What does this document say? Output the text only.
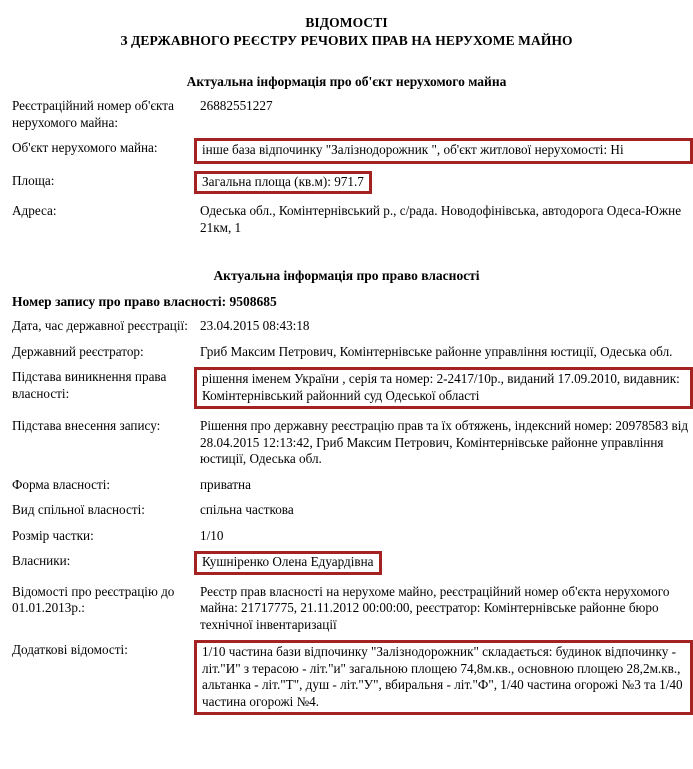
ВІДОМОСТІ
З ДЕРЖАВНОГО РЕЄСТРУ РЕЧОВИХ ПРАВ НА НЕРУХОМЕ МАЙНО
Актуальна інформація про об'єкт нерухомого майна
Реєстраційний номер об'єкта нерухомого майна:
26882551227
Об'єкт нерухомого майна:	інше база відпочинку "Залізнодорожник ", об'єкт житлової нерухомості: Ні
Площа:	Загальна площа (кв.м): 971.7
Адреса:	Одеська обл., Комінтернівський р., с/рада. Новодофінівська, автодорога Одеса-Южне 21км, 1
Актуальна інформація про право власності
Номер запису про право власності: 9508685
Дата, час державної реєстрації: 23.04.2015 08:43:18
Державний реєстратор:	Гриб Максим Петрович, Комінтернівське районне управління юстиції, Одеська обл.
Підстава виникнення права власності:
рішення іменем України , серія та номер: 2-2417/10р., виданий 17.09.2010, видавник: Комінтернівський районний суд Одеської області
Підстава внесення запису:	Рішення про державну реєстрацію прав та їх обтяжень, індексний номер: 20978583 від 28.04.2015 12:13:42, Гриб Максим Петрович, Комінтернівське районне управління юстиції, Одеська обл.
Форма власності:	приватна
Вид спільної власності:	спільна часткова
Розмір частки:	1/10
Власники:	Кушніренко Олена Едуардівна
Відомості про реєстрацію до 01.01.2013р.:
Реєстр прав власності на нерухоме майно, реєстраційний номер об'єкта нерухомого майна: 21717775, 21.11.2012 00:00:00, реєстратор: Комінтернівське районне бюро технічної інвентаризації
Додаткові відомості:	1/10 частина бази відпочинку "Залізнодорожник" складається: будинок відпочинку - літ."И" з терасою - літ."и" загальною площею 74,8м.кв., основною площею 28,2м.кв., альтанка - літ."Т", душ - літ."У", вбиральня - літ."Ф", 1/40 частина огорожі №3 та 1/40 частина огорожі №4.
